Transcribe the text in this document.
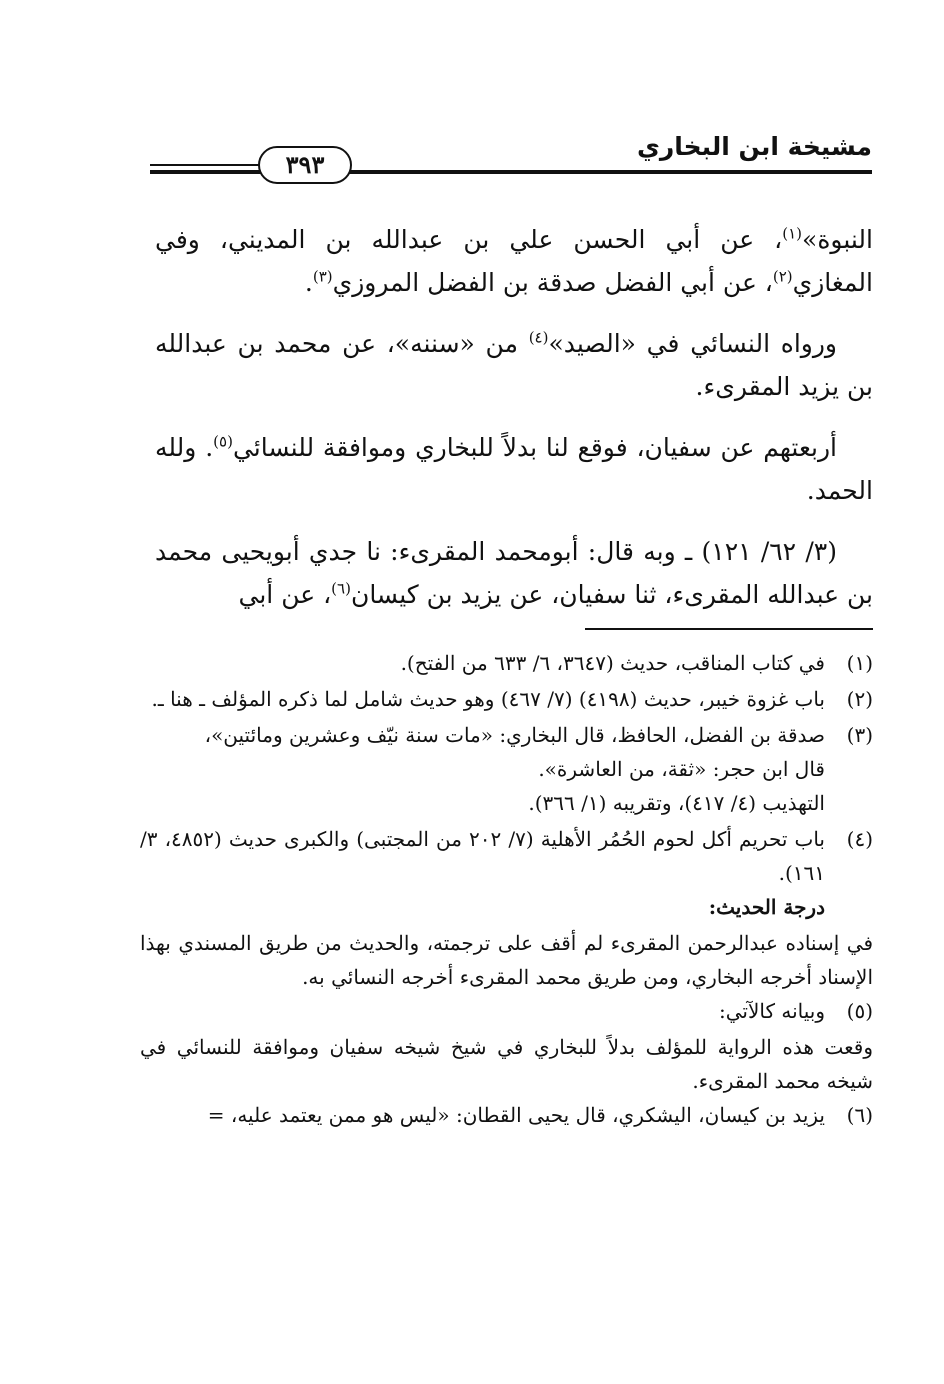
مشيخة ابن البخاري
٣٩٣

النبوة»$^{(١)}$، عن أبي الحسن علي بن عبدالله بن المديني، وفي المغازي$^{(٢)}$، عن أبي الفضل صدقة بن الفضل المروزي$^{(٣)}$.

ورواه النسائي في «الصيد»$^{(٤)}$ من «سننه»، عن محمد بن عبدالله بن يزيد المقرىء.

أربعتهم عن سفيان، فوقع لنا بدلاً للبخاري وموافقة للنسائي$^{(٥)}$. ولله الحمد.

(٣/ ٦٢/ ١٢١) ـ وبه قال: أبومحمد المقرىء: نا جدي أبويحيى محمد بن عبدالله المقرىء، ثنا سفيان، عن يزيد بن كيسان$^{(٦)}$، عن أبي

(١)
في كتاب المناقب، حديث (٣٦٤٧، ٦/ ٦٣٣ من الفتح).
(٢)
باب غزوة خيبر، حديث (٤١٩٨) (٧/ ٤٦٧) وهو حديث شامل لما ذكره المؤلف ـ هنا ـ.
(٣)
صدقة بن الفضل، الحافظ، قال البخاري: «مات سنة نيّف وعشرين ومائتين»،
قال ابن حجر: «ثقة، من العاشرة».
التهذيب (٤/ ٤١٧)، وتقريبه (١/ ٣٦٦).
(٤)
باب تحريم أكل لحوم الحُمُر الأهلية (٧/ ٢٠٢ من المجتبى) والكبرى حديث (٤٨٥٢، ٣/ ١٦١).
درجة الحديث:
في إسناده عبدالرحمن المقرىء لم أقف على ترجمته، والحديث من طريق المسندي بهذا الإسناد أخرجه البخاري، ومن طريق محمد المقرىء أخرجه النسائي به.
(٥)
وبيانه كالآتي:
وقعت هذه الرواية للمؤلف بدلاً للبخاري في شيخ شيخه سفيان وموافقة للنسائي في شيخه محمد المقرىء.
(٦)
يزيد بن كيسان، اليشكري، قال يحيى القطان: «ليس هو ممن يعتمد عليه، =
